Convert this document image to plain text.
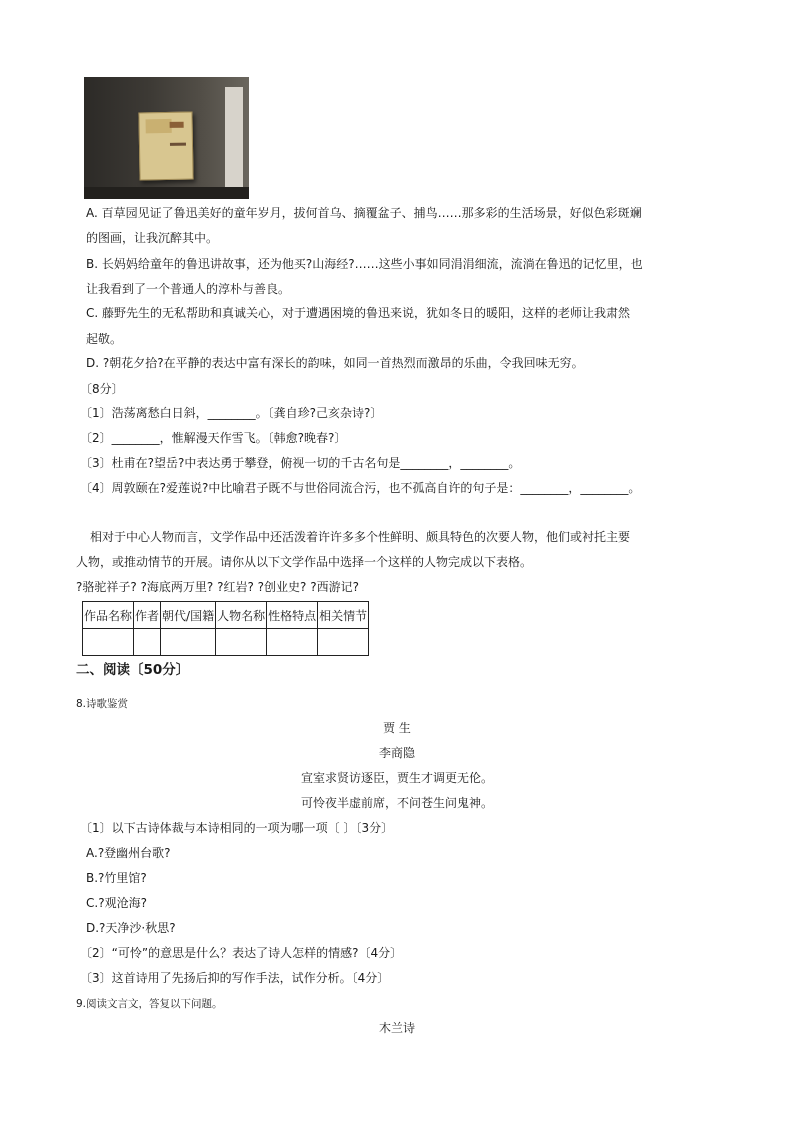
A. 百草园见证了鲁迅美好的童年岁月，拔何首乌、摘覆盆子、捕鸟……那多彩的生活场景，好似色彩斑斓
的图画，让我沉醉其中。
B. 长妈妈给童年的鲁迅讲故事，还为他买?山海经?……这些小事如同涓涓细流，流淌在鲁迅的记忆里，也
让我看到了一个普通人的淳朴与善良。
C. 藤野先生的无私帮助和真诚关心，对于遭遇困境的鲁迅来说，犹如冬日的暖阳，这样的老师让我肃然
起敬。
D. ?朝花夕拾?在平静的表达中富有深长的韵味，如同一首热烈而激昂的乐曲，令我回味无穷。
〔8分〕
〔1〕浩荡离愁白日斜，________。〔龚自珍?己亥杂诗?〕
〔2〕________，惟解漫天作雪飞。〔韩愈?晚春?〕
〔3〕杜甫在?望岳?中表达勇于攀登，俯视一切的千古名句是________，________。
〔4〕周敦颐在?爱莲说?中比喻君子既不与世俗同流合污，也不孤高自许的句子是：________，________。
相对于中心人物而言，文学作品中还活泼着许许多多个性鲜明、颇具特色的次要人物，他们或衬托主要
人物，或推动情节的开展。请你从以下文学作品中选择一个这样的人物完成以下表格。
?骆驼祥子? ?海底两万里? ?红岩? ?创业史? ?西游记?
作品名称	作者	朝代/国籍	人物名称	性格特点	相关情节

二、阅读〔50分〕
8.诗歌鉴赏
贾 生
李商隐
宣室求贤访逐臣，贾生才调更无伦。
可怜夜半虚前席，不问苍生问鬼神。
〔1〕以下古诗体裁与本诗相同的一项为哪一项〔 〕〔3分〕
A.?登幽州台歌?
B.?竹里馆?
C.?观沧海?
D.?天净沙·秋思?
〔2〕“可怜”的意思是什么？表达了诗人怎样的情感?〔4分〕
〔3〕这首诗用了先扬后抑的写作手法，试作分析。〔4分〕
9.阅读文言文，答复以下问题。
木兰诗
